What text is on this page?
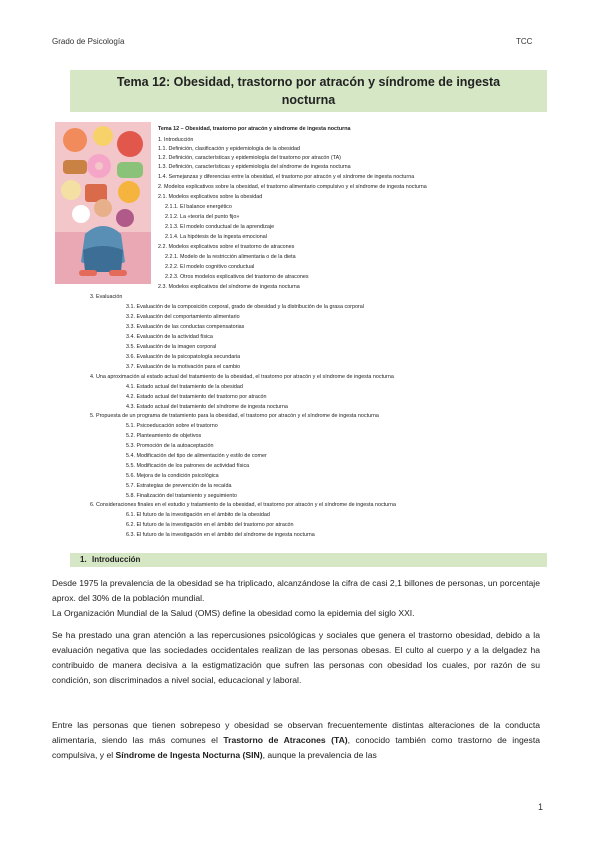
Grado de Psicología	TCC
Tema 12: Obesidad, trastorno por atracón y síndrome de ingesta
nocturna
Tema 12 – Obesidad, trastorno por atracón y síndrome de ingesta nocturna
1. Introducción
1.1. Definición, clasificación y epidemiología de la obesidad
1.2. Definición, características y epidemiología del trastorno por atracón (TA)
1.3. Definición, características y epidemiología del síndrome de ingesta nocturna
1.4. Semejanzas y diferencias entre la obesidad, el trastorno por atracón y el síndrome de ingesta nocturna
2. Modelos explicativos sobre la obesidad, el trastorno alimentario compulsivo y el síndrome de ingesta nocturna
2.1. Modelos explicativos sobre la obesidad
2.1.1. El balance energético
2.1.2. La «teoría del punto fijo»
2.1.3. El modelo conductual de la aprendizaje
2.1.4. La hipótesis de la ingesta emocional
2.2. Modelos explicativos sobre el trastorno de atracones
2.2.1. Modelo de la restricción alimentaria o de la dieta
2.2.2. El modelo cognitivo conductual
2.2.3. Otros modelos explicativos del trastorno de atracones
2.3. Modelos explicativos del síndrome de ingesta nocturna
3. Evaluación
3.1. Evaluación de la composición corporal, grado de obesidad y la distribución de la grasa corporal
3.2. Evaluación del comportamiento alimentario
3.3. Evaluación de las conductas compensatorias
3.4. Evaluación de la actividad física
3.5. Evaluación de la imagen corporal
3.6. Evaluación de la psicopatología secundaria
3.7. Evaluación de la motivación para el cambio
4. Una aproximación al estado actual del tratamiento de la obesidad, el trastorno por atracón y el síndrome de ingesta nocturna
4.1. Estado actual del tratamiento de la obesidad
4.2. Estado actual del tratamiento del trastorno por atracón
4.3. Estado actual del tratamiento del síndrome de ingesta nocturna
5. Propuesta de un programa de tratamiento para la obesidad, el trastorno por atracón y el síndrome de ingesta nocturna
5.1. Psicoeducación sobre el trastorno
5.2. Planteamiento de objetivos
5.3. Promoción de la autoaceptación
5.4. Modificación del tipo de alimentación y estilo de comer
5.5. Modificación de los patrones de actividad física
5.6. Mejora de la condición psicológica
5.7. Estrategias de prevención de la recaída
5.8. Finalización del tratamiento y seguimiento
6. Consideraciones finales en el estudio y tratamiento de la obesidad, el trastorno por atracón y el síndrome de ingesta nocturna
6.1. El futuro de la investigación en el ámbito de la obesidad
6.2. El futuro de la investigación en el ámbito del trastorno por atracón
6.3. El futuro de la investigación en el ámbito del síndrome de ingesta nocturna
1. Introducción
Desde 1975 la prevalencia de la obesidad se ha triplicado, alcanzándose la cifra de casi 2,1 billones de personas, un porcentaje aprox. del 30% de la población mundial.
La Organización Mundial de la Salud (OMS) define la obesidad como la epidemia del siglo XXI.
Se ha prestado una gran atención a las repercusiones psicológicas y sociales que genera el trastorno obesidad, debido a la evaluación negativa que las sociedades occidentales realizan de las personas obesas. El culto al cuerpo y a la delgadez ha contribuido de manera decisiva a la estigmatización que sufren las personas con obesidad los cuales, por razón de su condición, son discriminados a nivel social, educacional y laboral.
Entre las personas que tienen sobrepeso y obesidad se observan frecuentemente distintas alteraciones de la conducta alimentaria, siendo las más comunes el Trastorno de Atracones (TA), conocido también como trastorno de ingesta compulsiva, y el Síndrome de Ingesta Nocturna (SIN), aunque la prevalencia de las
1
